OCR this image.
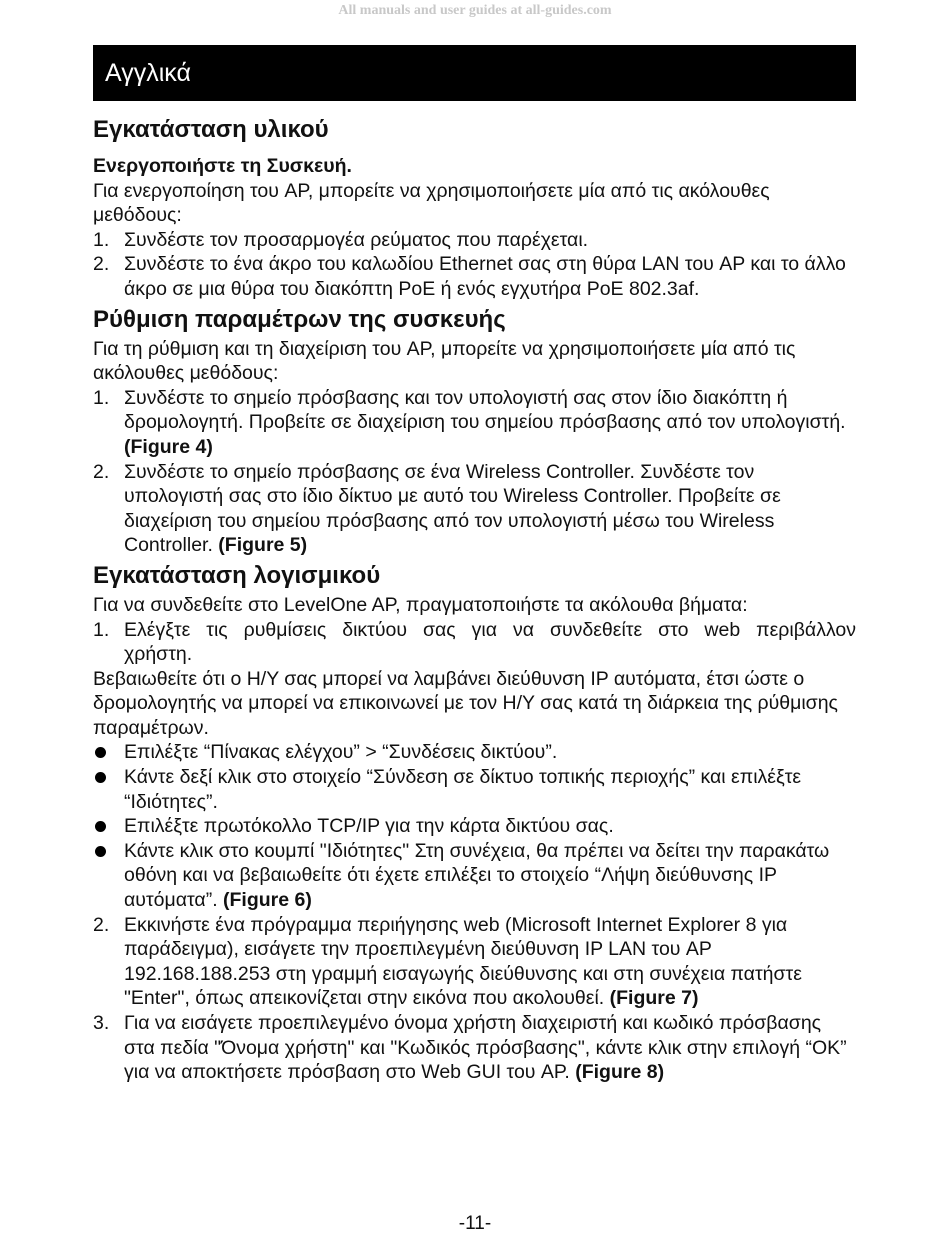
All manuals and user guides at all-guides.com
Αγγλικά
Εγκατάσταση υλικού

Ενεργοποιήστε τη Συσκευή.

Για ενεργοποίηση του AP, μπορείτε να χρησιμοποιήσετε μία από τις ακόλουθες

μεθόδους:

1. Συνδέστε τον προσαρμογέα ρεύματος που παρέχεται.
2. Συνδέστε το ένα άκρο του καλωδίου Ethernet σας στη θύρα LAN του AP και το άλλο άκρο σε μια θύρα του διακόπτη PoE ή ενός εγχυτήρα PoE 802.3af.
Ρύθμιση παραμέτρων της συσκευής

Για τη ρύθμιση και τη διαχείριση του AP, μπορείτε να χρησιμοποιήσετε μία από τις ακόλουθες μεθόδους:

1. Συνδέστε το σημείο πρόσβασης και τον υπολογιστή σας στον ίδιο διακόπτη ή δρομολογητή. Προβείτε σε διαχείριση του σημείου πρόσβασης από τον υπολογιστή. (Figure 4)
2. Συνδέστε το σημείο πρόσβασης σε ένα Wireless Controller. Συνδέστε τον υπολογιστή σας στο ίδιο δίκτυο με αυτό του Wireless Controller. Προβείτε σε διαχείριση του σημείου πρόσβασης από τον υπολογιστή μέσω του Wireless Controller. (Figure 5)
Εγκατάσταση λογισμικού

Για να συνδεθείτε στο LevelOne AP, πραγματοποιήστε τα ακόλουθα βήματα:

1. Ελέγξτε τις ρυθμίσεις δικτύου σας για να συνδεθείτε στο web περιβάλλον
χρήστη.

Βεβαιωθείτε ότι ο Η/Υ σας μπορεί να λαμβάνει διεύθυνση IP αυτόματα, έτσι ώστε ο δρομολογητής να μπορεί να επικοινωνεί με τον Η/Υ σας κατά τη διάρκεια της ρύθμισης παραμέτρων.

Επιλέξτε “Πίνακας ελέγχου” > “Συνδέσεις δικτύου”.
Κάντε δεξί κλικ στο στοιχείο “Σύνδεση σε δίκτυο τοπικής περιοχής” και επιλέξτε “Ιδιότητες”.
Επιλέξτε πρωτόκολλο TCP/IP για την κάρτα δικτύου σας.
Κάντε κλικ στο κουμπί "Ιδιότητες" Στη συνέχεια, θα πρέπει να δείτει την παρακάτω οθόνη και να βεβαιωθείτε ότι έχετε επιλέξει το στοιχείο “Λήψη διεύθυνσης IP αυτόματα”. (Figure 6)
2. Εκκινήστε ένα πρόγραμμα περιήγησης web (Microsoft Internet Explorer 8 για παράδειγμα), εισάγετε την προεπιλεγμένη διεύθυνση IP LAN του AP 192.168.188.253 στη γραμμή εισαγωγής διεύθυνσης και στη συνέχεια πατήστε "Enter", όπως απεικονίζεται στην εικόνα που ακολουθεί. (Figure 7)
3. Για να εισάγετε προεπιλεγμένο όνομα χρήστη διαχειριστή και κωδικό πρόσβασης στα πεδία "Όνομα χρήστη" και "Κωδικός πρόσβασης", κάντε κλικ στην επιλογή “OK” για να αποκτήσετε πρόσβαση στο Web GUI του AP. (Figure 8)
-11-
